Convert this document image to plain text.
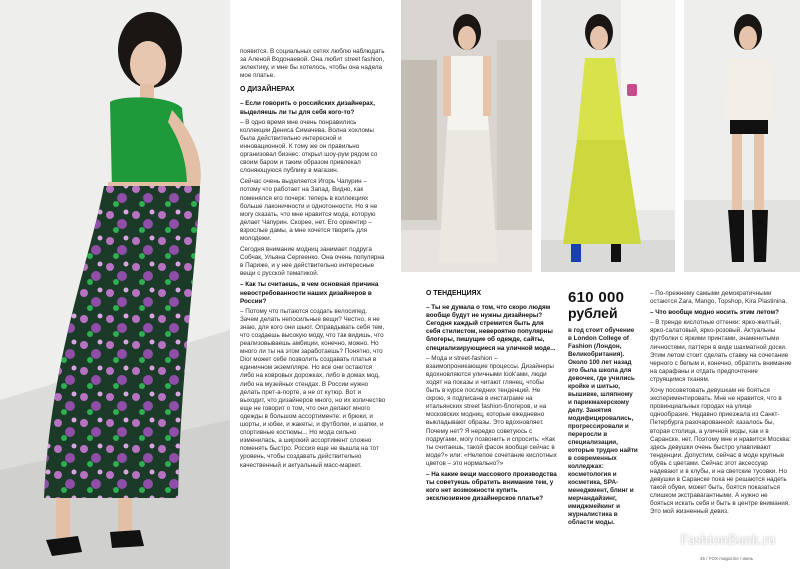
появится. В социальных сетях люблю наблюдать за Аленой Водонаевой. Она любит street fashion, эклектику, и мне бы хотелось, чтобы она надела мое платье.

О ДИЗАЙНЕРАХ

– Если говорить о российских дизайнерах, выделяешь ли ты для себя кого-то?

– В одно время мне очень понравились коллекции Дениса Симачева. Волна хохломы была действительно интересной и инновационной. К тому же он правильно организовал бизнес: открыл шоу-рум рядом со своим баром и таким образом привлекал слоняющуюся публику в магазин.

Сейчас очень выделяется Игорь Чапурин – потому что работает на Запад. Видно, как поменялся его почерк: теперь в коллекциях больше лаконичности и однотонности. Но я не могу сказать, что мне нравится мода, которую делает Чапурин. Скорее, нет. Его ориентир – взрослые дамы, а мне хочется творить для молодежи.

Сегодня внимание модниц занимает подруга Собчак, Ульяна Сергеенко. Она очень популярна в Париже, и у нее действительно интересные вещи с русской тематикой.

– Как ты считаешь, в чем основная причина невостребованности наших дизайнеров в России?

– Потому что пытаются создать велосипед. Зачем делать непосильные вещи? Честно, я не знаю, для кого они шьют. Оправдывать себя тем, что создаешь высокую моду, что так видишь, что реализовываешь амбиции, конечно, можно. Но много ли ты на этом заработаешь? Понятно, что Dior может себе позволить создавать платья в единичном экземпляре. Но все они остаются либо на ковровых дорожках, либо в домах мод, либо на музейных стендах. В России нужно делать прет-а-порте, а не от кутюр. Вот и выходит, что дизайнеров много, но их количество еще не говорит о том, что они делают много одежды в большом ассортименте: и брюки, и шорты, и юбки, и жакеты, и футболки, и шапки, и спортивные костюмы... Но мода сильно изменилась, а широкий ассортимент сложно поменять быстро. Россия еще не вышла на тот уровень, чтобы создавать действительно качественный и актуальный масс-маркет.

О ТЕНДЕНЦИЯХ

– Ты не думала о том, что скоро людям вообще будут не нужны дизайнеры? Сегодня каждый стремится быть для себя стилистом, невероятно популярны блогеры, пишущие об одежде, сайты, специализирующиеся на уличной моде...

– Мода и street-fashion – взаимопроникающие процессы. Дизайнеры вдохновляются уличными look'ами, люди ходят на показы и читают глянец, чтобы быть в курсе последних тенденций. Не скрою, я подписана в инстаграме на итальянских street fashion-блогеров, и на московских модниц, которые ежедневно выкладывают образы. Это вдохновляет. Почему нет? Я нередко советуюсь с подругами, могу позвонить и спросить: «Как ты считаешь, такой фасон вообще сейчас в моде?» или: «Нелепое сочетание кислотных цветов – это нормально?»

– На какие вещи массового производства ты советуешь обратить внимание тем, у кого нет возможности купить эксклюзивное дизайнерское платье?

610 000
рублей
в год стоит обучение в London College of Fashion (Лондон, Великобритания). Около 100 лет назад это была школа для девочек, где учились кройке и шитью, вышивке, шляпному и парикмахерскому делу. Занятия модифицировались, прогрессировали и переросли в специализации, которые трудно найти в современных колледжах: косметология и косметика, SPA-менеджмент, блинг и мерчандайзинг, имиджмейкинг и журналистика в области моды.

– По-прежнему самыми демократичными остаются Zara, Mango, Topshop, Kira Plastinina.

– Что вообще модно носить этим летом?

– В тренде кислотные оттенки: ярко-желтый, ярко-салатовый, ярко-розовый. Актуальны футболки с яркими принтами, знаменитыми личностями, паттерн в виде шахматной доски. Этим летом стоит сделать ставку на сочетание черного с белым и, конечно, обратить внимание на сарафаны и отдать предпочтение струящимся тканям.

Хочу посоветовать девушкам не бояться экспериментировать. Мне не нравится, что в провинциальных городах на улице однообразие. Недавно приезжала из Санкт-Петербурга разочарованной: казалось бы, вторая столица, а уличной моды, как и в Саранске, нет. Поэтому мне и нравится Москва: здесь девушки очень быстро улавливают тенденции. Допустим, сейчас в моде крупные обувь с цветами. Сейчас этот аксессуар надевают и в клубы, и на светские тусовки. Но девушки в Саранске пока не решаются надеть такой обуви, может быть, боятся показаться слишком экстравагантными. А нужно не бояться искать себя и быть в центре внимания. Это мой жизненный девиз.

45 / FOX magazine / июнь
FashionBank.ru
